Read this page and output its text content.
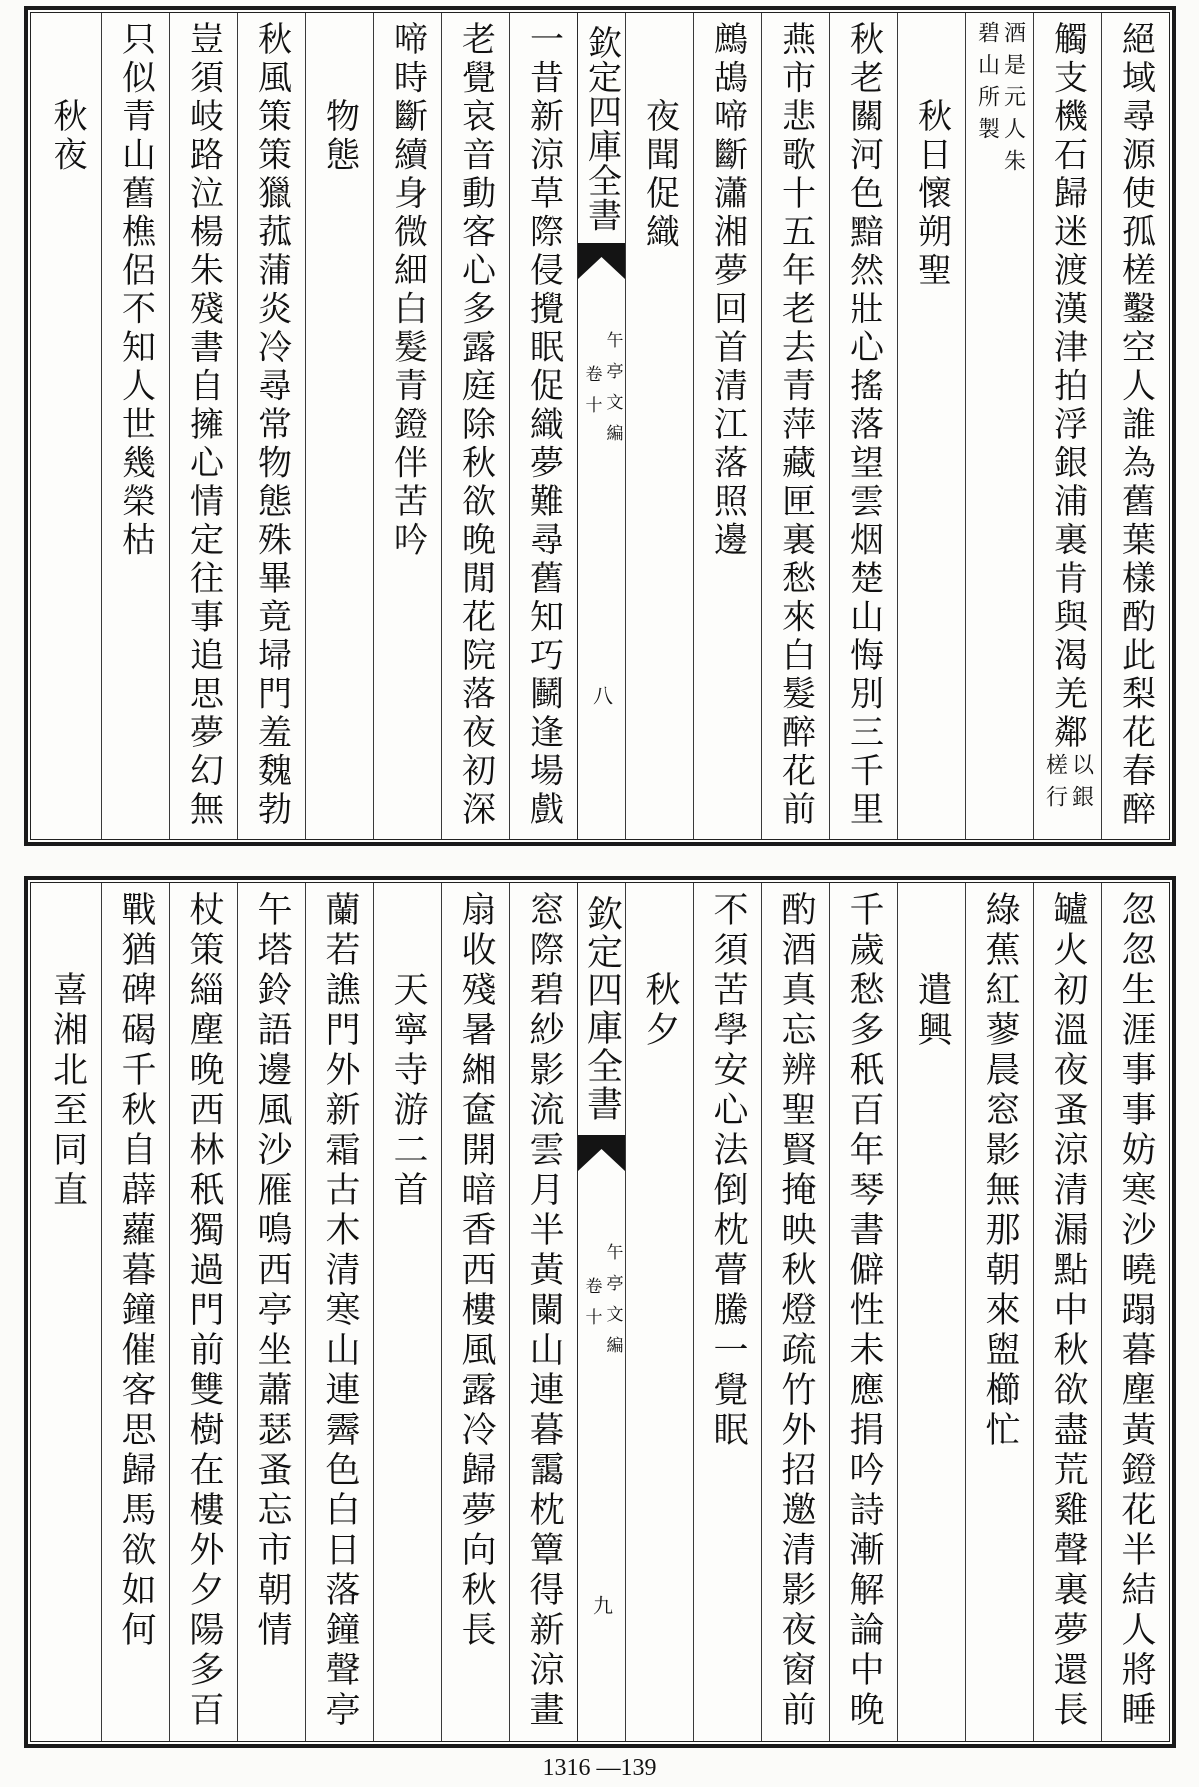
絕域尋源使孤槎鑿空人誰為舊葉樣酌此梨花春醉
觸支機石歸迷渡漢津拍浮銀浦裏肯與渴羌鄰
以銀
槎行
酒是元人朱
碧山所製
秋日懷朔聖
秋老關河色黯然壯心搖落望雲烟楚山悔別三千里
燕市悲歌十五年老去青萍藏匣裏愁來白髮醉花前
鷓鴣啼斷瀟湘夢回首清江落照邊
夜聞促織
欽定四庫全書
午亭文編
卷十
八
一昔新涼草際侵攪眠促織夢難尋舊知巧鬭逢場戲
老覺哀音動客心多露庭除秋欲晚閒花院落夜初深
啼時斷續身微細白髮青鐙伴苦吟
物態
秋風策策獵菰蒲炎冷尋常物態殊畢竟埽門羞魏勃
豈須岐路泣楊朱殘書自擁心情定往事追思夢幻無
只似青山舊樵侶不知人世幾榮枯
秋夜
忽忽生涯事事妨寒沙曉蹋暮塵黃鐙花半結人將睡
罏火初溫夜蚤涼清漏點中秋欲盡荒雞聲裏夢還長
綠蕉紅蓼晨窓影無那朝來盥櫛忙
遣興
千歲愁多秖百年琴書僻性未應捐吟詩漸解論中晚
酌酒真忘辨聖賢掩映秋燈疏竹外招邀清影夜窗前
不須苦學安心法倒枕瞢騰一覺眠
秋夕
欽定四庫全書
午亭文編
卷十
九
窓際碧紗影流雲月半黃闌山連暮靄枕簟得新涼畫
扇收殘暑緗奩開暗香西樓風露冷歸夢向秋長
天寧寺游二首
蘭若譙門外新霜古木清寒山連霽色白日落鐘聲亭
午塔鈴語邊風沙雁鳴西亭坐蕭瑟蚤忘市朝情
杖策緇塵晚西林秖獨過門前雙樹在樓外夕陽多百
戰猶碑碣千秋自薜蘿暮鐘催客思歸馬欲如何
喜湘北至同直
1316 —139
